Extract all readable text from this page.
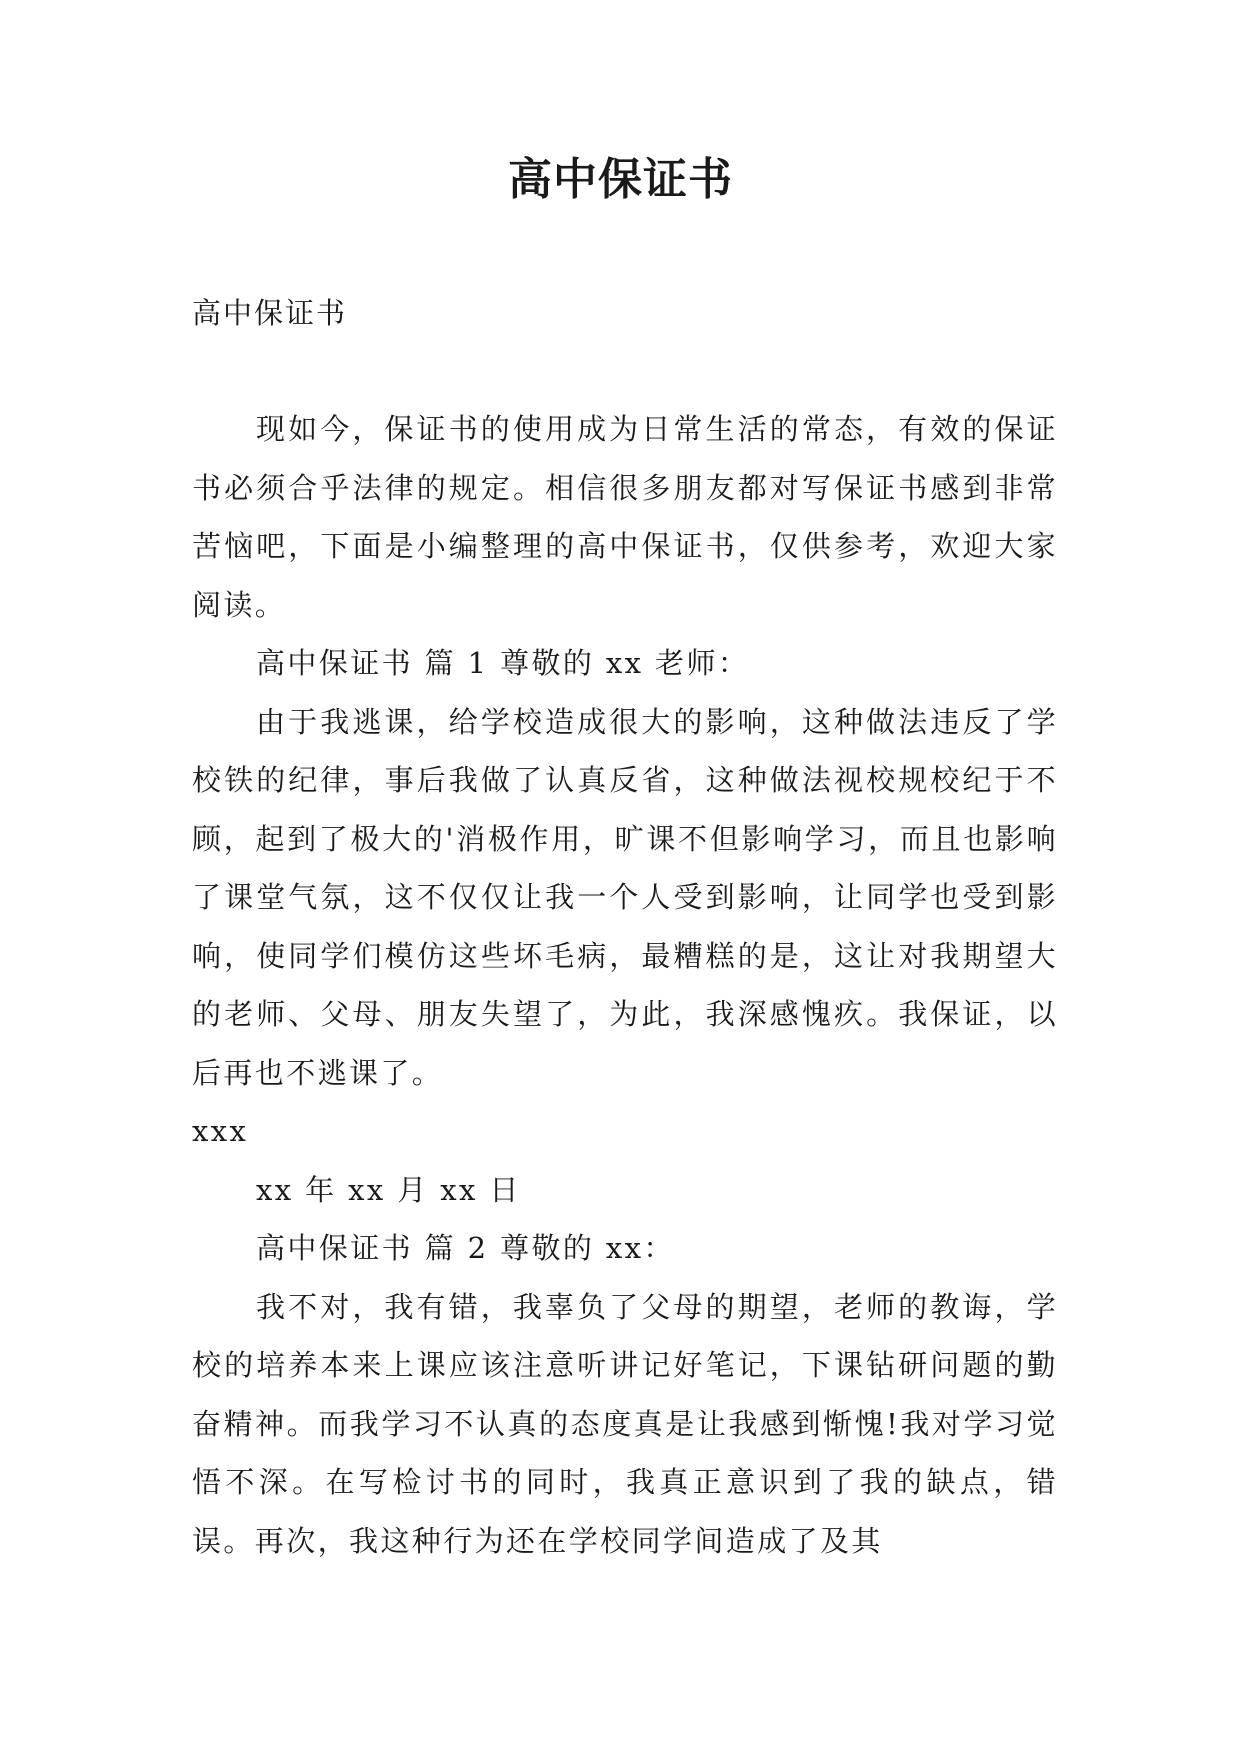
高中保证书
高中保证书

现如今，保证书的使用成为日常生活的常态，有效的保证书必须合乎法律的规定。相信很多朋友都对写保证书感到非常苦恼吧，下面是小编整理的高中保证书，仅供参考，欢迎大家阅读。

高中保证书 篇 1 尊敬的 xx 老师：

由于我逃课，给学校造成很大的影响，这种做法违反了学校铁的纪律，事后我做了认真反省，这种做法视校规校纪于不顾，起到了极大的'消极作用，旷课不但影响学习，而且也影响了课堂气氛，这不仅仅让我一个人受到影响，让同学也受到影响，使同学们模仿这些坏毛病，最糟糕的是，这让对我期望大的老师、父母、朋友失望了，为此，我深感愧疚。我保证，以后再也不逃课了。

xxx

xx 年 xx 月 xx 日

高中保证书 篇 2 尊敬的 xx：

我不对，我有错，我辜负了父母的期望，老师的教诲，学校的培养本来上课应该注意听讲记好笔记，下课钻研问题的勤奋精神。而我学习不认真的态度真是让我感到惭愧!我对学习觉悟不深。在写检讨书的同时，我真正意识到了我的缺点，错误。再次，我这种行为还在学校同学间造成了及其
